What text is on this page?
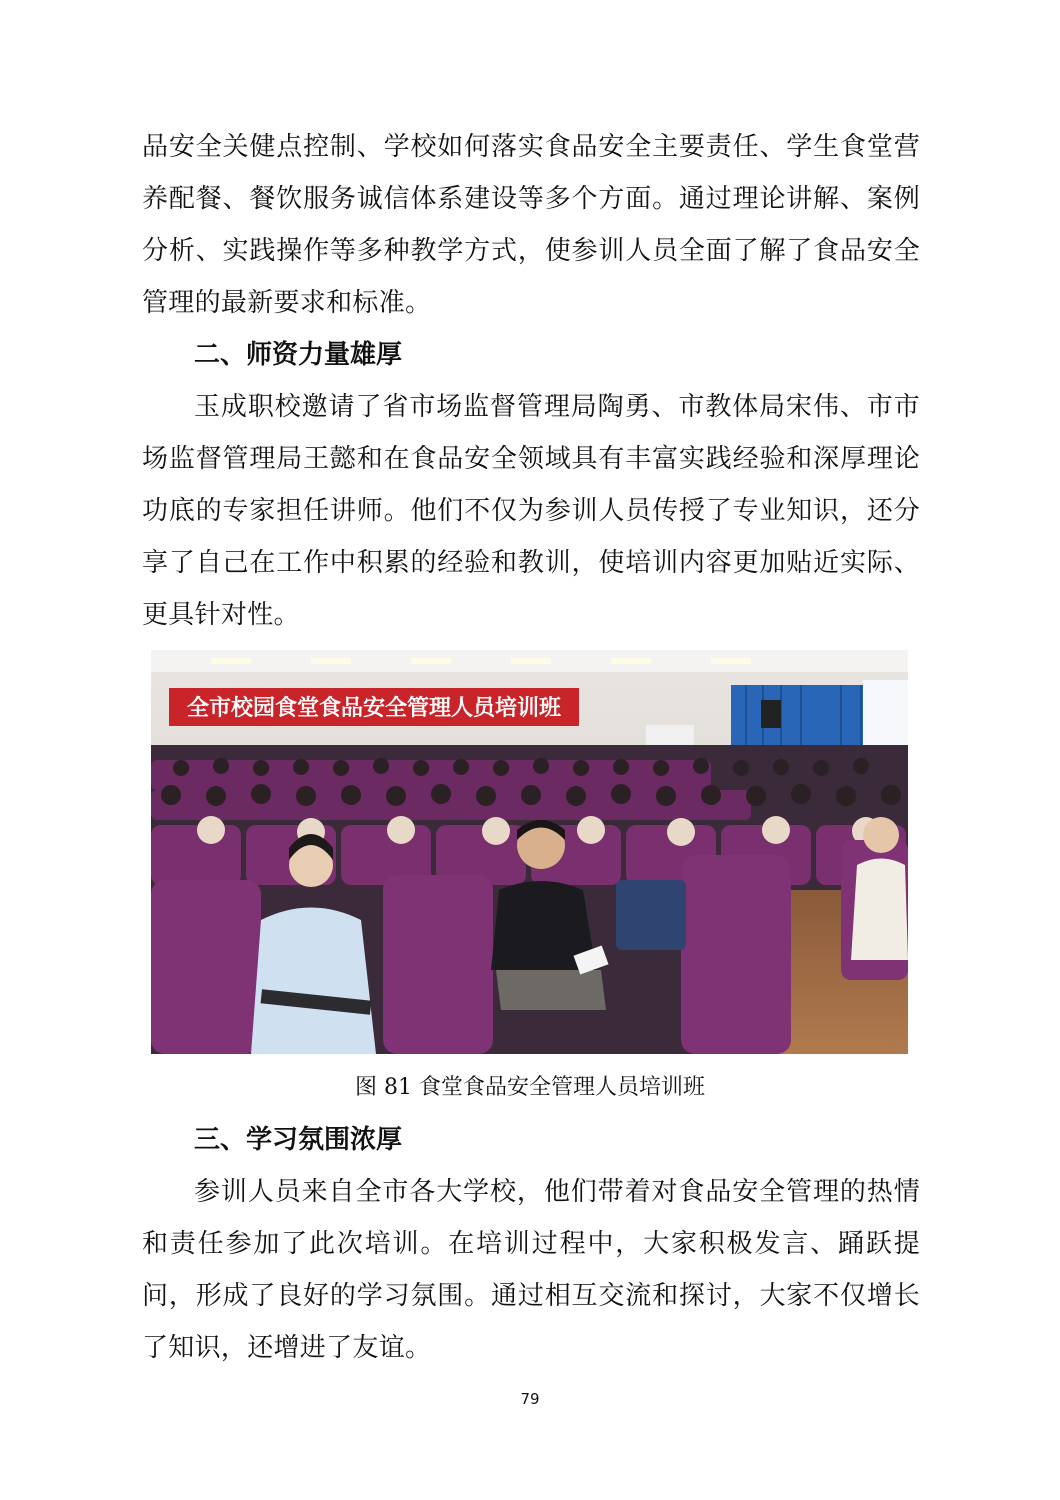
品安全关健点控制、学校如何落实食品安全主要责任、学生食堂营
养配餐、餐饮服务诚信体系建设等多个方面。通过理论讲解、案例
分析、实践操作等多种教学方式，使参训人员全面了解了食品安全
管理的最新要求和标准。
二、师资力量雄厚
玉成职校邀请了省市场监督管理局陶勇、市教体局宋伟、市市
场监督管理局王懿和在食品安全领域具有丰富实践经验和深厚理论
功底的专家担任讲师。他们不仅为参训人员传授了专业知识，还分
享了自己在工作中积累的经验和教训，使培训内容更加贴近实际、
更具针对性。
全市校园食堂食品安全管理人员培训班
图 81 食堂食品安全管理人员培训班
三、学习氛围浓厚
参训人员来自全市各大学校，他们带着对食品安全管理的热情
和责任参加了此次培训。在培训过程中，大家积极发言、踊跃提
问，形成了良好的学习氛围。通过相互交流和探讨，大家不仅增长
了知识，还增进了友谊。
79
